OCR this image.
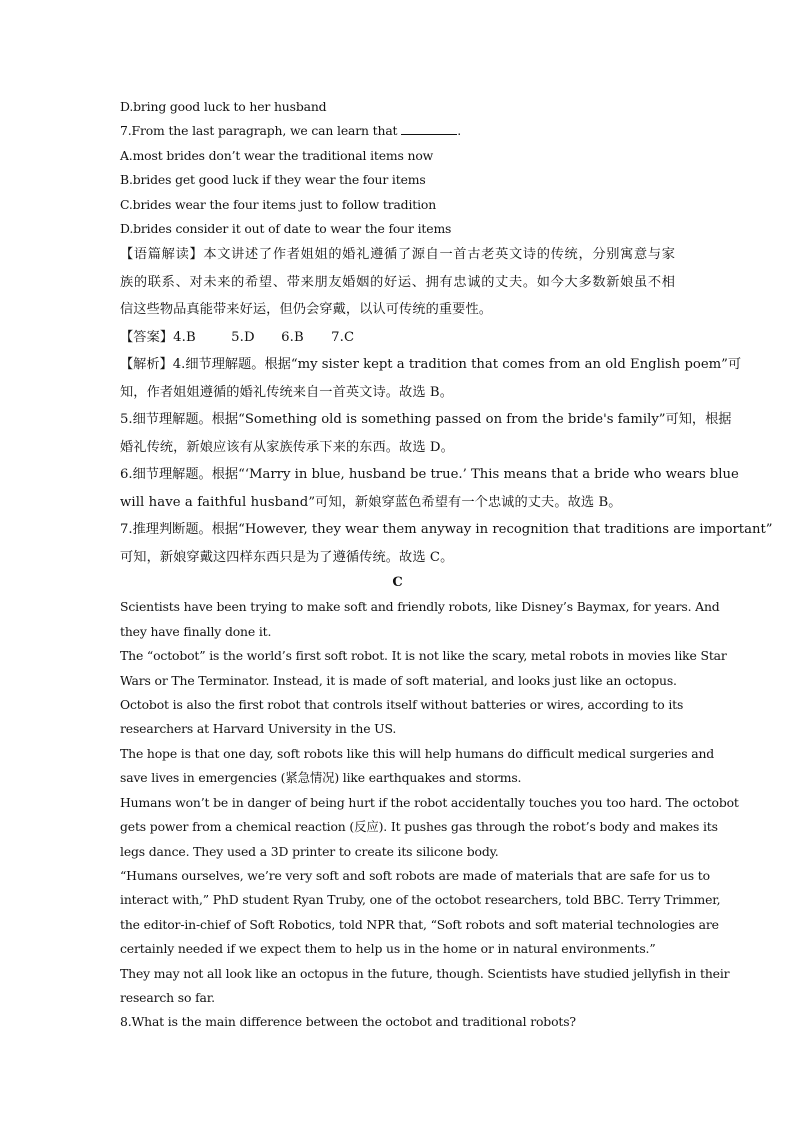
D.bring good luck to her husband
7.From the last paragraph, we can learn that	.
A.most brides don’t wear the traditional items now
B.brides get good luck if they wear the four items
C.brides wear the four items just to follow tradition
D.brides consider it out of date to wear the four items
【语篇解读】本文讲述了作者姐姐的婚礼遵循了源自一首古老英文诗的传统，分别寓意与家
族的联系、对未来的希望、带来朋友婚姻的好运、拥有忠诚的丈夫。如今大多数新娘虽不相
信这些物品真能带来好运，但仍会穿戴，以认可传统的重要性。
【答案】4.B	5.D 6.B 7.C
【解析】4.细节理解题。根据“my sister kept a tradition that comes from an old English poem”可
知，作者姐姐遵循的婚礼传统来自一首英文诗。故选 B。
5.细节理解题。根据“Something old is something passed on from the bride's family”可知，根据
婚礼传统，新娘应该有从家族传承下来的东西。故选 D。
6.细节理解题。根据“‘Marry in blue, husband be true.’ This means that a bride who wears blue
will have a faithful husband”可知，新娘穿蓝色希望有一个忠诚的丈夫。故选 B。
7.推理判断题。根据“However, they wear them anyway in recognition that traditions are important”
可知，新娘穿戴这四样东西只是为了遵循传统。故选 C。
C
Scientists have been trying to make soft and friendly robots, like Disney’s Baymax, for years. And
they have finally done it.
The “octobot” is the world’s first soft robot. It is not like the scary, metal robots in movies like Star
Wars or The Terminator. Instead, it is made of soft material, and looks just like an octopus.
Octobot is also the first robot that controls itself without batteries or wires, according to its
researchers at Harvard University in the US.
The hope is that one day, soft robots like this will help humans do difficult medical surgeries and
save lives in emergencies (紧急情况) like earthquakes and storms.
Humans won’t be in danger of being hurt if the robot accidentally touches you too hard. The octobot
gets power from a chemical reaction (反应). It pushes gas through the robot’s body and makes its
legs dance. They used a 3D printer to create its silicone body.
“Humans ourselves, we’re very soft and soft robots are made of materials that are safe for us to
interact with,” PhD student Ryan Truby, one of the octobot researchers, told BBC. Terry Trimmer,
the editor-in-chief of Soft Robotics, told NPR that, “Soft robots and soft material technologies are
certainly needed if we expect them to help us in the home or in natural environments.”
They may not all look like an octopus in the future, though. Scientists have studied jellyfish in their
research so far.
8.What is the main difference between the octobot and traditional robots?
